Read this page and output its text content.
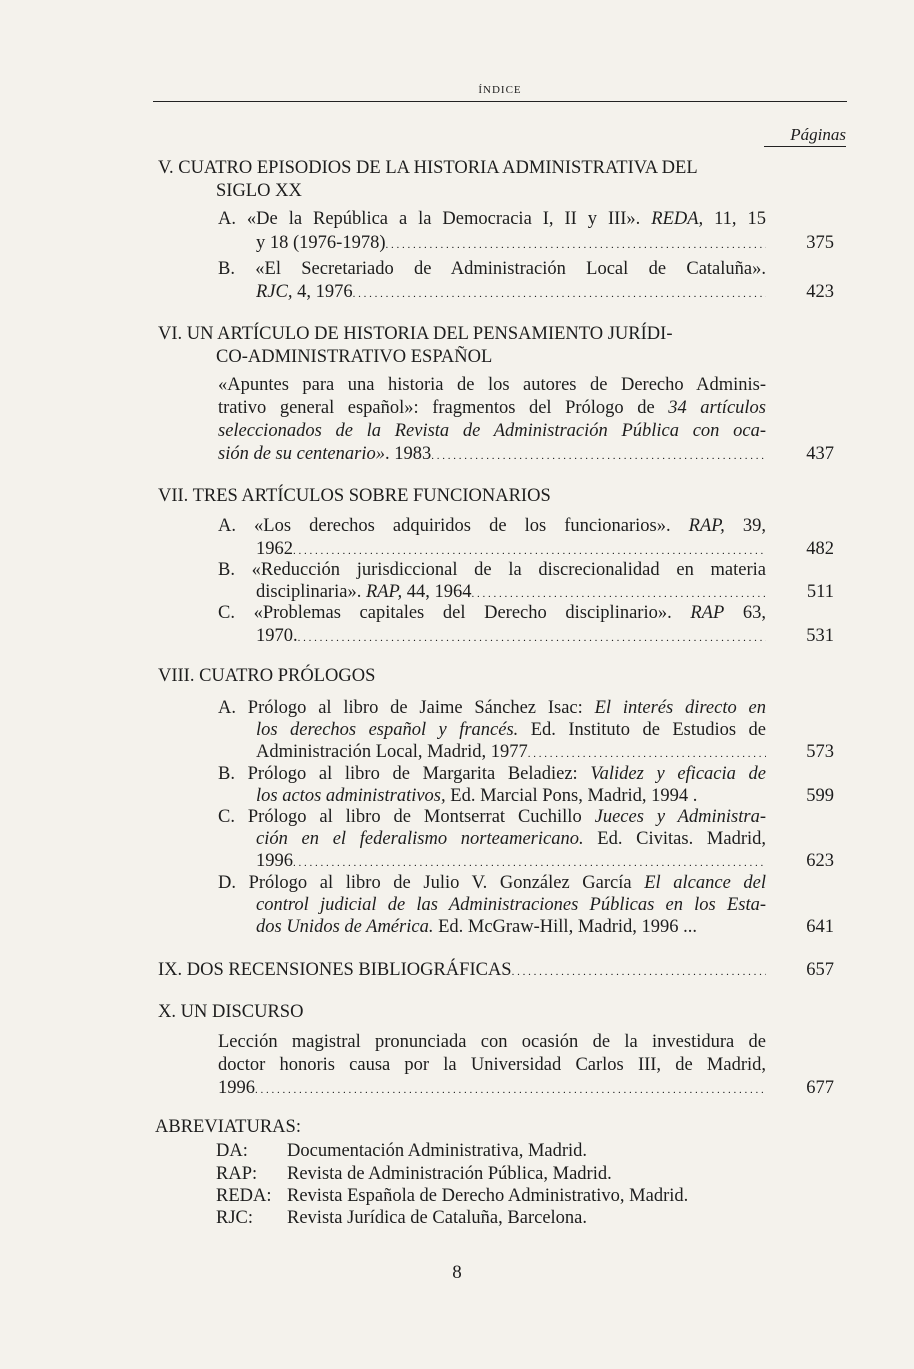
ÍNDICE
Páginas
V. CUATRO EPISODIOS DE LA HISTORIA ADMINISTRATIVA DEL
SIGLO XX
A. «De la República a la Democracia I, II y III». REDA, 11, 15
y 18 (1976-1978) . . .	375
B. «El Secretariado de Administración Local de Cataluña».
RJC, 4, 1976 . . .	423
VI. UN ARTÍCULO DE HISTORIA DEL PENSAMIENTO JURÍDI-
CO-ADMINISTRATIVO ESPAÑOL
«Apuntes para una historia de los autores de Derecho Adminis-
trativo general español»: fragmentos del Prólogo de 34 artículos
seleccionados de la Revista de Administración Pública con oca-
sión de su centenario». 1983 . . .	437
VII. TRES ARTÍCULOS SOBRE FUNCIONARIOS
A. «Los derechos adquiridos de los funcionarios». RAP, 39,
1962 . . .	482
B. «Reducción jurisdiccional de la discrecionalidad en materia
disciplinaria». RAP, 44, 1964 . . .	511
C. «Problemas capitales del Derecho disciplinario». RAP 63,
1970. . . .	531
VIII. CUATRO PRÓLOGOS
A. Prólogo al libro de Jaime Sánchez Isac: El interés directo en
los derechos español y francés. Ed. Instituto de Estudios de
Administración Local, Madrid, 1977 . . .	573
B. Prólogo al libro de Margarita Beladiez: Validez y eficacia de
los actos administrativos, Ed. Marcial Pons, Madrid, 1994 .	599
C. Prólogo al libro de Montserrat Cuchillo Jueces y Administra-
ción en el federalismo norteamericano. Ed. Civitas. Madrid,
1996 . . .	623
D. Prólogo al libro de Julio V. González García El alcance del
control judicial de las Administraciones Públicas en los Esta-
dos Unidos de América. Ed. McGraw-Hill, Madrid, 1996 ...	641
IX. DOS RECENSIONES BIBLIOGRÁFICAS . . .	657
X. UN DISCURSO
Lección magistral pronunciada con ocasión de la investidura de
doctor honoris causa por la Universidad Carlos III, de Madrid,
1996 . . .	677
ABREVIATURAS:
DA: Documentación Administrativa, Madrid.
RAP: Revista de Administración Pública, Madrid.
REDA: Revista Española de Derecho Administrativo, Madrid.
RJC: Revista Jurídica de Cataluña, Barcelona.
8
